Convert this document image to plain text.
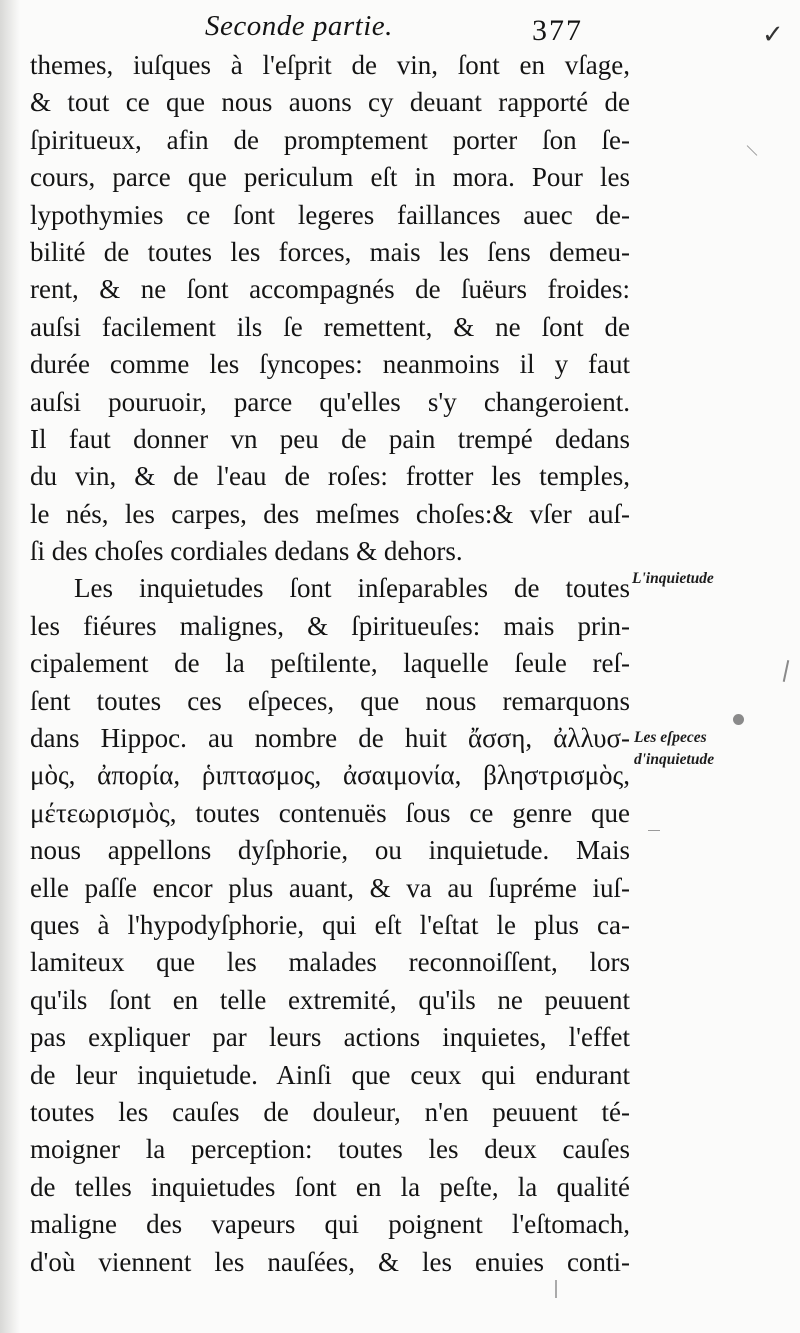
Seconde partie.	377	✓
themes, iuſques à l'eſprit de vin, ſont en vſage,
& tout ce que nous auons cy deuant rapporté de
ſpiritueux, afin de promptement porter ſon ſe-
cours, parce que periculum eſt in mora. Pour les
lypothymies ce ſont legeres faillances auec de-
bilité de toutes les forces, mais les ſens demeu-
rent, & ne ſont accompagnés de ſuëurs froides:
auſsi facilement ils ſe remettent, & ne ſont de
durée comme les ſyncopes: neanmoins il y faut
auſsi pouruoir, parce qu'elles s'y changeroient.
Il faut donner vn peu de pain trempé dedans
du vin, & de l'eau de roſes: frotter les temples,
le nés, les carpes, des meſmes choſes:& vſer auſ-
ſi des choſes cordiales dedans & dehors.
Les inquietudes ſont inſeparables de toutes
les fiéures malignes, & ſpiritueuſes: mais prin-
cipalement de la peſtilente, laquelle ſeule reſ-
ſent toutes ces eſpeces, que nous remarquons
dans Hippoc. au nombre de huit ἄσση, ἀλλυσ-
μὸς, ἀπορία, ῥιπτασμος, ἀσαιμονία, βληστρισμὸς,
μέτεωρισμὸς, toutes contenuës ſous ce genre que
nous appellons dyſphorie, ou inquietude. Mais
elle paſſe encor plus auant, & va au ſupréme iuſ-
ques à l'hypodyſphorie, qui eſt l'eſtat le plus ca-
lamiteux que les malades reconnoiſſent, lors
qu'ils ſont en telle extremité, qu'ils ne peuuent
pas expliquer par leurs actions inquietes, l'effet
de leur inquietude. Ainſi que ceux qui endurant
toutes les cauſes de douleur, n'en peuuent té-
moigner la perception: toutes les deux cauſes
de telles inquietudes ſont en la peſte, la qualité
maligne des vapeurs qui poignent l'eſtomach,
d'où viennent les nauſées, & les enuies conti-
L'inquietude
Les eſpeces
d'inquietude
